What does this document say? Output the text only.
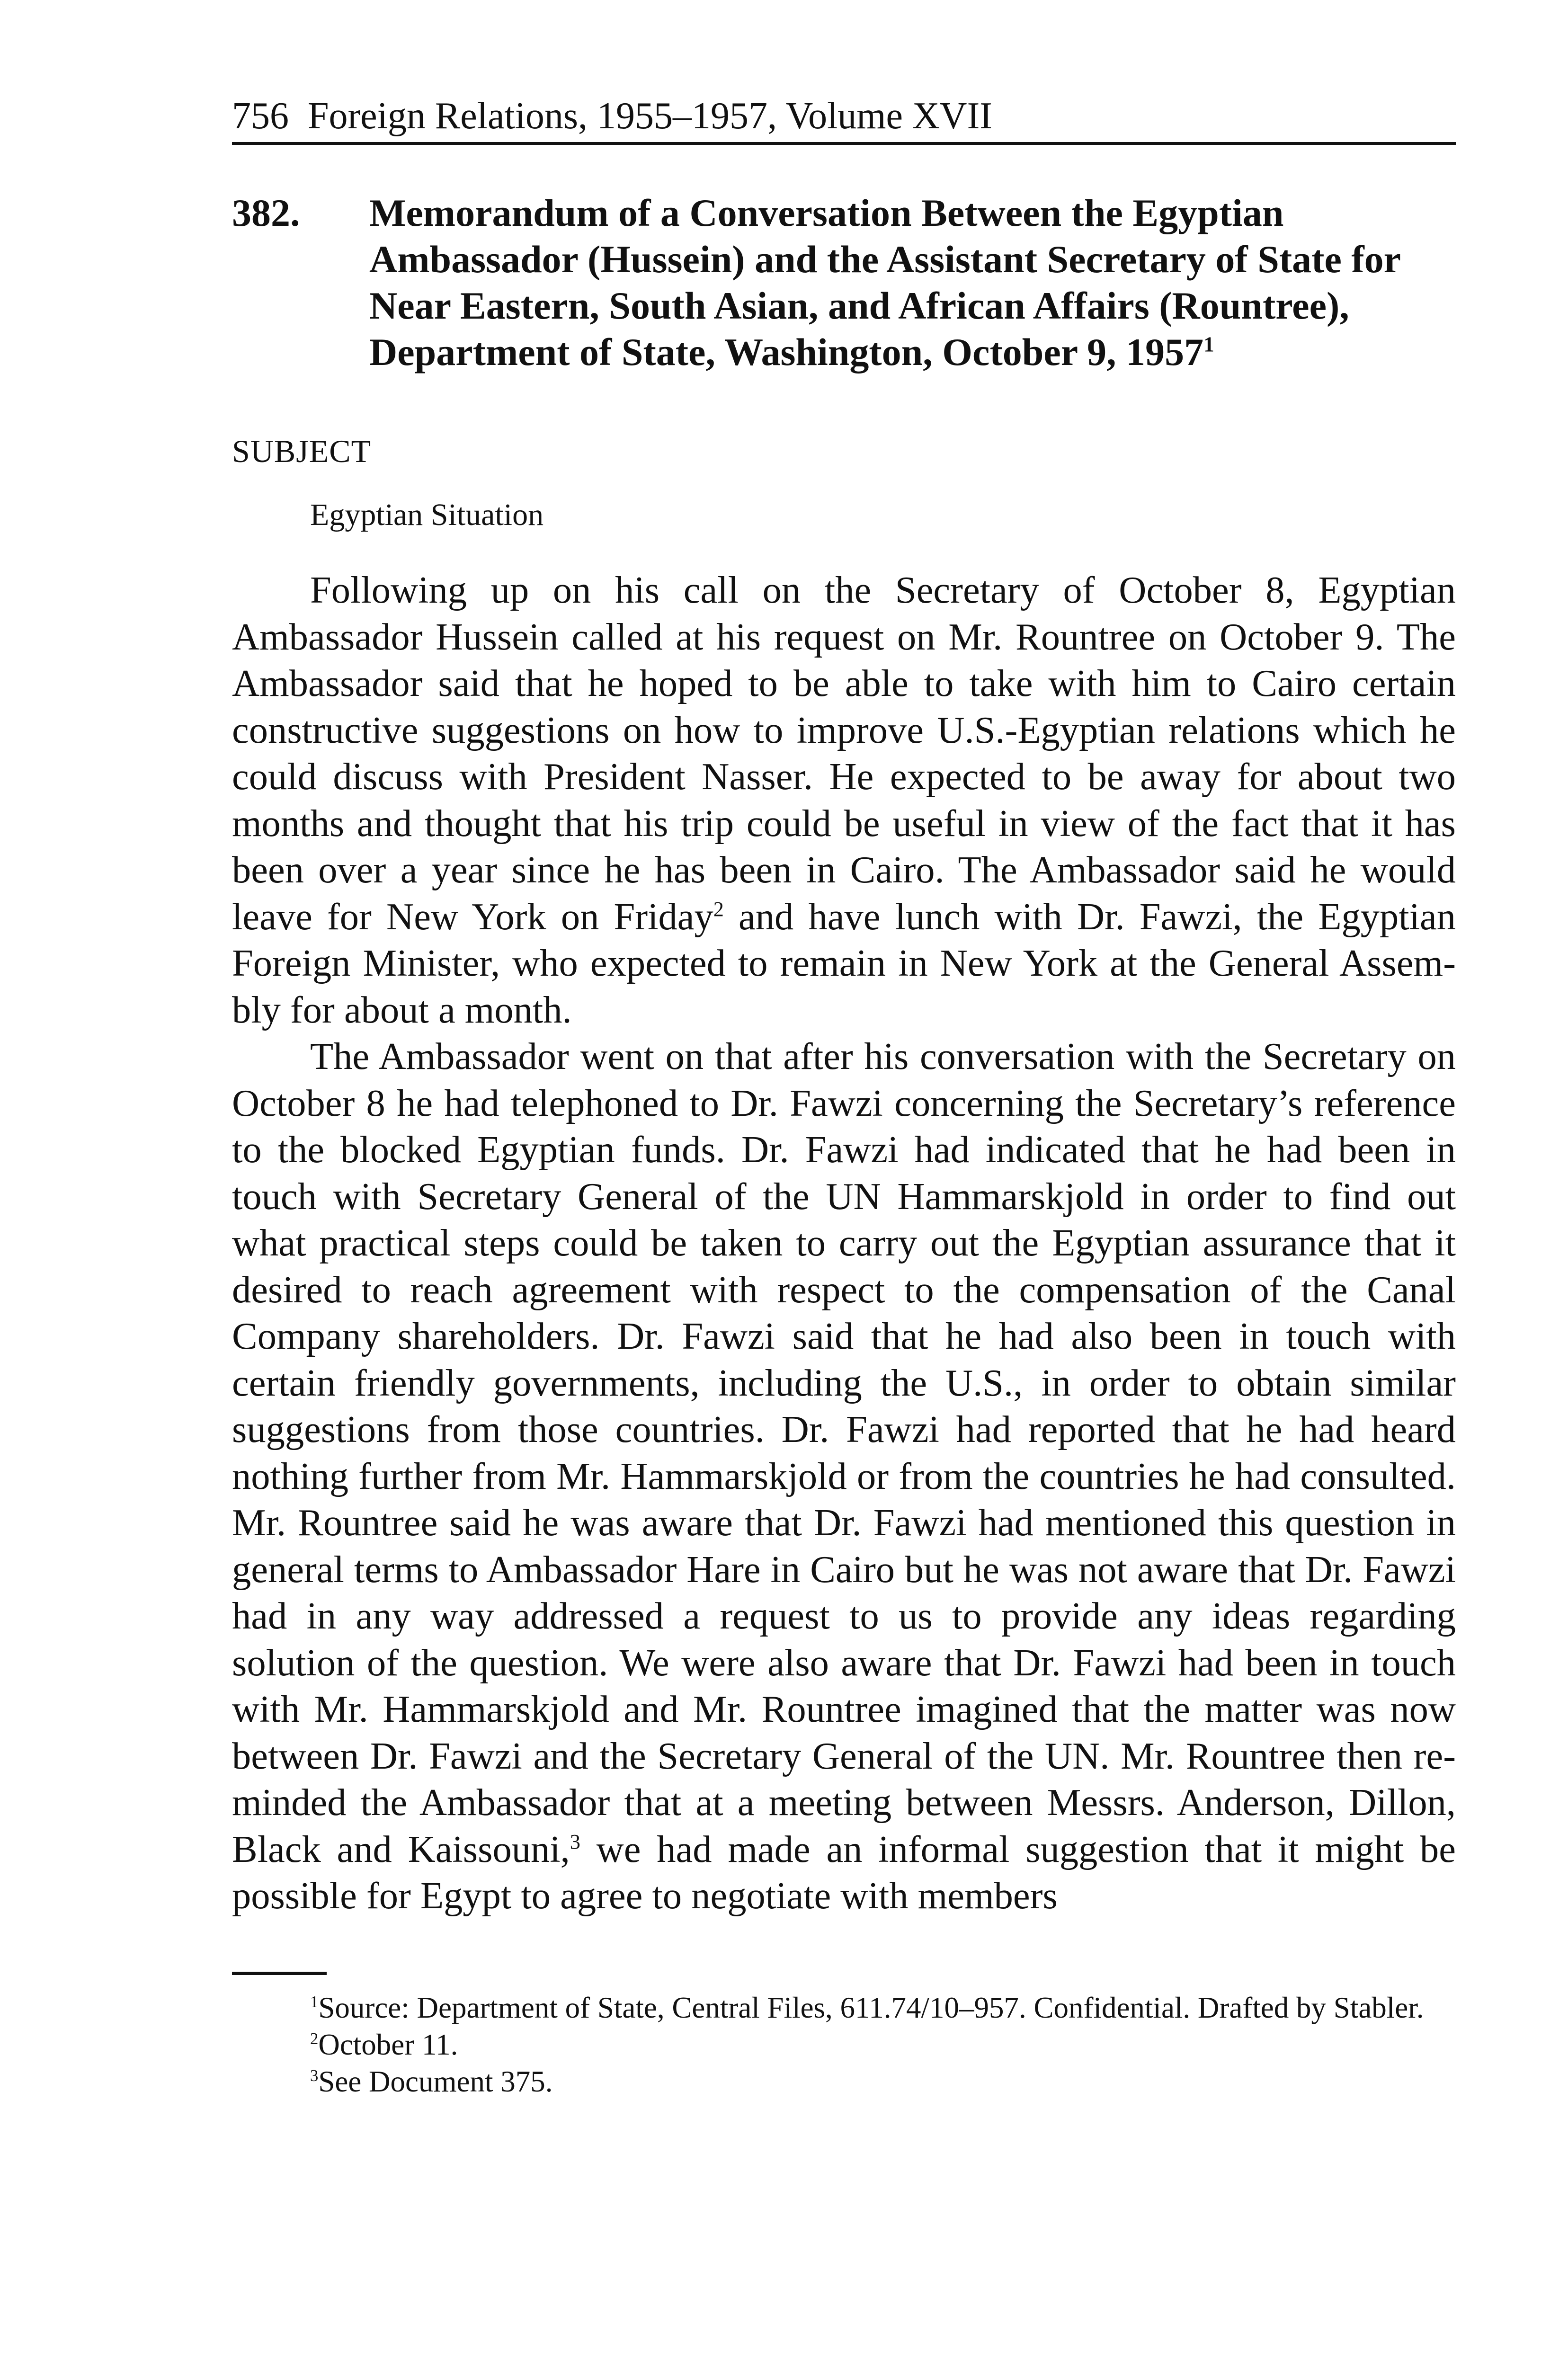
756 Foreign Relations, 1955–1957, Volume XVII
382.	Memorandum of a Conversation Between the Egyptian Ambassador (Hussein) and the Assistant Secretary of State for Near Eastern, South Asian, and African Affairs (Rountree), Department of State, Washington, October 9, 1957$^1$
SUBJECT
Egyptian Situation

Following up on his call on the Secretary of October 8, Egyptian Ambassador Hussein called at his request on Mr. Rountree on October 9. The Ambassador said that he hoped to be able to take with him to Cairo certain constructive suggestions on how to improve U.S.-Egyptian relations which he could discuss with President Nasser. He expected to be away for about two months and thought that his trip could be useful in view of the fact that it has been over a year since he has been in Cairo. The Ambassador said he would leave for New York on Friday$^2$ and have lunch with Dr. Fawzi, the Egyptian Foreign Minister, who expected to remain in New York at the General Assembly for about a month.

The Ambassador went on that after his conversation with the Secretary on October 8 he had telephoned to Dr. Fawzi concerning the Secretary’s reference to the blocked Egyptian funds. Dr. Fawzi had indicated that he had been in touch with Secretary General of the UN Hammarskjold in order to find out what practical steps could be taken to carry out the Egyptian assurance that it desired to reach agreement with respect to the compensation of the Canal Company shareholders. Dr. Fawzi said that he had also been in touch with certain friendly governments, including the U.S., in order to obtain similar suggestions from those countries. Dr. Fawzi had reported that he had heard nothing further from Mr. Hammarskjold or from the countries he had consulted. Mr. Rountree said he was aware that Dr. Fawzi had mentioned this question in general terms to Ambassador Hare in Cairo but he was not aware that Dr. Fawzi had in any way addressed a request to us to provide any ideas regarding solution of the question. We were also aware that Dr. Fawzi had been in touch with Mr. Hammarskjold and Mr. Rountree imagined that the matter was now between Dr. Fawzi and the Secretary General of the UN. Mr. Rountree then reminded the Ambassador that at a meeting between Messrs. Anderson, Dillon, Black and Kaissouni,$^3$ we had made an informal suggestion that it might be possible for Egypt to agree to negotiate with members

$^1$Source: Department of State, Central Files, 611.74/10–957. Confidential. Drafted by Stabler.

$^2$October 11.

$^3$See Document 375.
